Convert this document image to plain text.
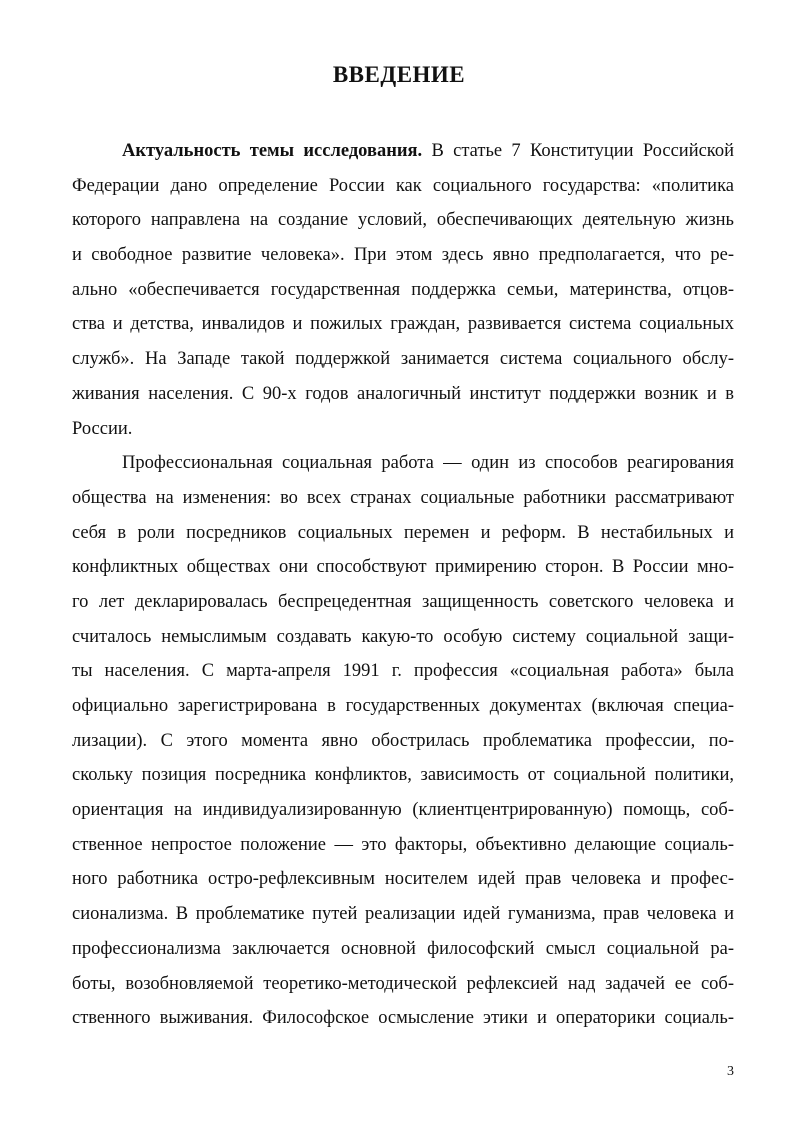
ВВЕДЕНИЕ
Актуальность темы исследования. В статье 7 Конституции Российской
Федерации дано определение России как социального государства: «политика
которого направлена на создание условий, обеспечивающих деятельную жизнь
и свободное развитие человека». При этом здесь явно предполагается, что ре-
ально «обеспечивается государственная поддержка семьи, материнства, отцов-
ства и детства, инвалидов и пожилых граждан, развивается система социальных
служб». На Западе такой поддержкой занимается система социального обслу-
живания населения. С 90-х годов аналогичный институт поддержки возник и в
России.
Профессиональная социальная работа — один из способов реагирования
общества на изменения: во всех странах социальные работники рассматривают
себя в роли посредников социальных перемен и реформ. В нестабильных и
конфликтных обществах они способствуют примирению сторон. В России мно-
го лет декларировалась беспрецедентная защищенность советского человека и
считалось немыслимым создавать какую-то особую систему социальной защи-
ты населения. С марта-апреля 1991 г. профессия «социальная работа» была
официально зарегистрирована в государственных документах (включая специа-
лизации). С этого момента явно обострилась проблематика профессии, по-
скольку позиция посредника конфликтов, зависимость от социальной политики,
ориентация на индивидуализированную (клиентцентрированную) помощь, соб-
ственное непростое положение — это факторы, объективно делающие социаль-
ного работника остро-рефлексивным носителем идей прав человека и профес-
сионализма. В проблематике путей реализации идей гуманизма, прав человека и
профессионализма заключается основной философский смысл социальной ра-
боты, возобновляемой теоретико-методической рефлексией над задачей ее соб-
ственного выживания. Философское осмысление этики и операторики социаль-
3
